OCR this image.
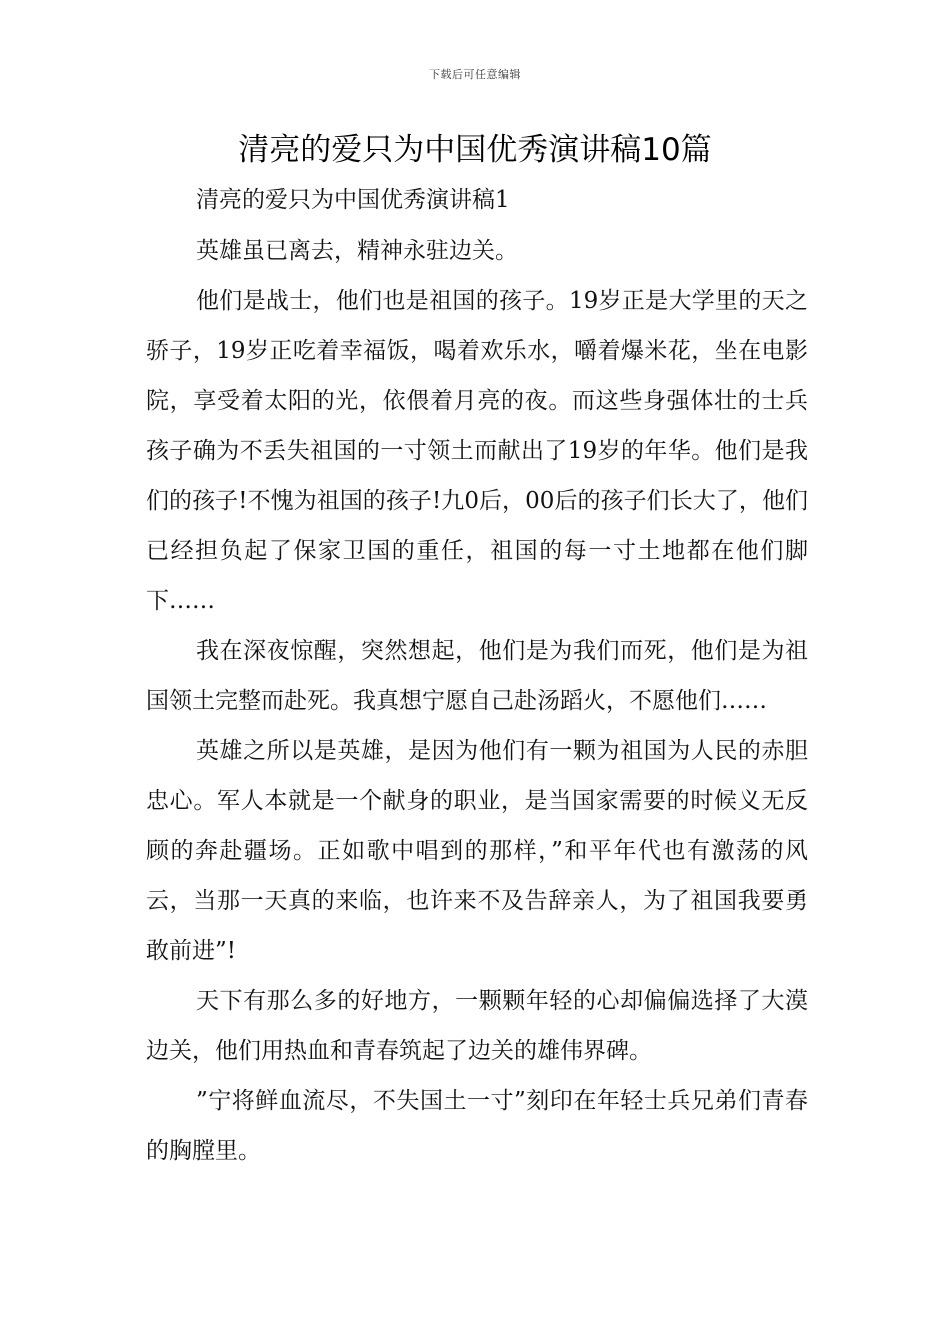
下载后可任意编辑
清亮的爱只为中国优秀演讲稿10篇

清亮的爱只为中国优秀演讲稿1

英雄虽已离去，精神永驻边关。

他们是战士，他们也是祖国的孩子。19岁正是大学里的天之骄子，19岁正吃着幸福饭，喝着欢乐水，嚼着爆米花，坐在电影院，享受着太阳的光，依偎着月亮的夜。而这些身强体壮的士兵孩子确为不丢失祖国的一寸领土而献出了19岁的年华。他们是我们的孩子!不愧为祖国的孩子!九0后，00后的孩子们长大了，他们已经担负起了保家卫国的重任，祖国的每一寸土地都在他们脚下……

我在深夜惊醒，突然想起，他们是为我们而死，他们是为祖国领土完整而赴死。我真想宁愿自己赴汤蹈火，不愿他们……

英雄之所以是英雄，是因为他们有一颗为祖国为人民的赤胆忠心。军人本就是一个献身的职业，是当国家需要的时候义无反顾的奔赴疆场。正如歌中唱到的那样，”和平年代也有激荡的风云，当那一天真的来临，也许来不及告辞亲人，为了祖国我要勇敢前进”!

天下有那么多的好地方，一颗颗年轻的心却偏偏选择了大漠边关，他们用热血和青春筑起了边关的雄伟界碑。

”宁将鲜血流尽，不失国土一寸”刻印在年轻士兵兄弟们青春的胸膛里。
